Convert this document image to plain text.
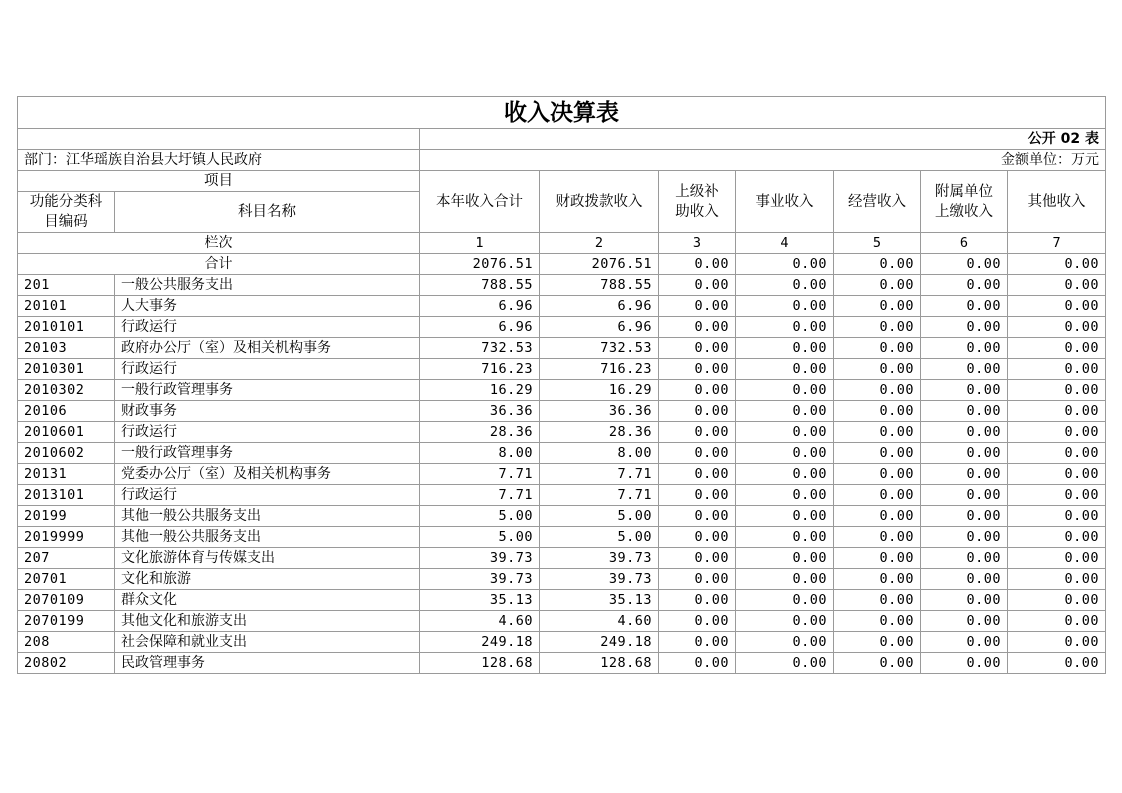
收入决算表								
		公开 02 表						
部门：江华瑶族自治县大圩镇人民政府		金额单位：万元						
项目		本年收入合计	财政拨款收入	上级补助收入	事业收入	经营收入	附属单位上缴收入	其他收入
功能分类科目编码	科目名称							
栏次		1	2	3	4	5	6	7
合计		2076.51	2076.51	0.00	0.00	0.00	0.00	0.00
201	一般公共服务支出	788.55	788.55	0.00	0.00	0.00	0.00	0.00
20101	人大事务	6.96	6.96	0.00	0.00	0.00	0.00	0.00
2010101	行政运行	6.96	6.96	0.00	0.00	0.00	0.00	0.00
20103	政府办公厅（室）及相关机构事务	732.53	732.53	0.00	0.00	0.00	0.00	0.00
2010301	行政运行	716.23	716.23	0.00	0.00	0.00	0.00	0.00
2010302	一般行政管理事务	16.29	16.29	0.00	0.00	0.00	0.00	0.00
20106	财政事务	36.36	36.36	0.00	0.00	0.00	0.00	0.00
2010601	行政运行	28.36	28.36	0.00	0.00	0.00	0.00	0.00
2010602	一般行政管理事务	8.00	8.00	0.00	0.00	0.00	0.00	0.00
20131	党委办公厅（室）及相关机构事务	7.71	7.71	0.00	0.00	0.00	0.00	0.00
2013101	行政运行	7.71	7.71	0.00	0.00	0.00	0.00	0.00
20199	其他一般公共服务支出	5.00	5.00	0.00	0.00	0.00	0.00	0.00
2019999	其他一般公共服务支出	5.00	5.00	0.00	0.00	0.00	0.00	0.00
207	文化旅游体育与传媒支出	39.73	39.73	0.00	0.00	0.00	0.00	0.00
20701	文化和旅游	39.73	39.73	0.00	0.00	0.00	0.00	0.00
2070109	群众文化	35.13	35.13	0.00	0.00	0.00	0.00	0.00
2070199	其他文化和旅游支出	4.60	4.60	0.00	0.00	0.00	0.00	0.00
208	社会保障和就业支出	249.18	249.18	0.00	0.00	0.00	0.00	0.00
20802	民政管理事务	128.68	128.68	0.00	0.00	0.00	0.00	0.00
